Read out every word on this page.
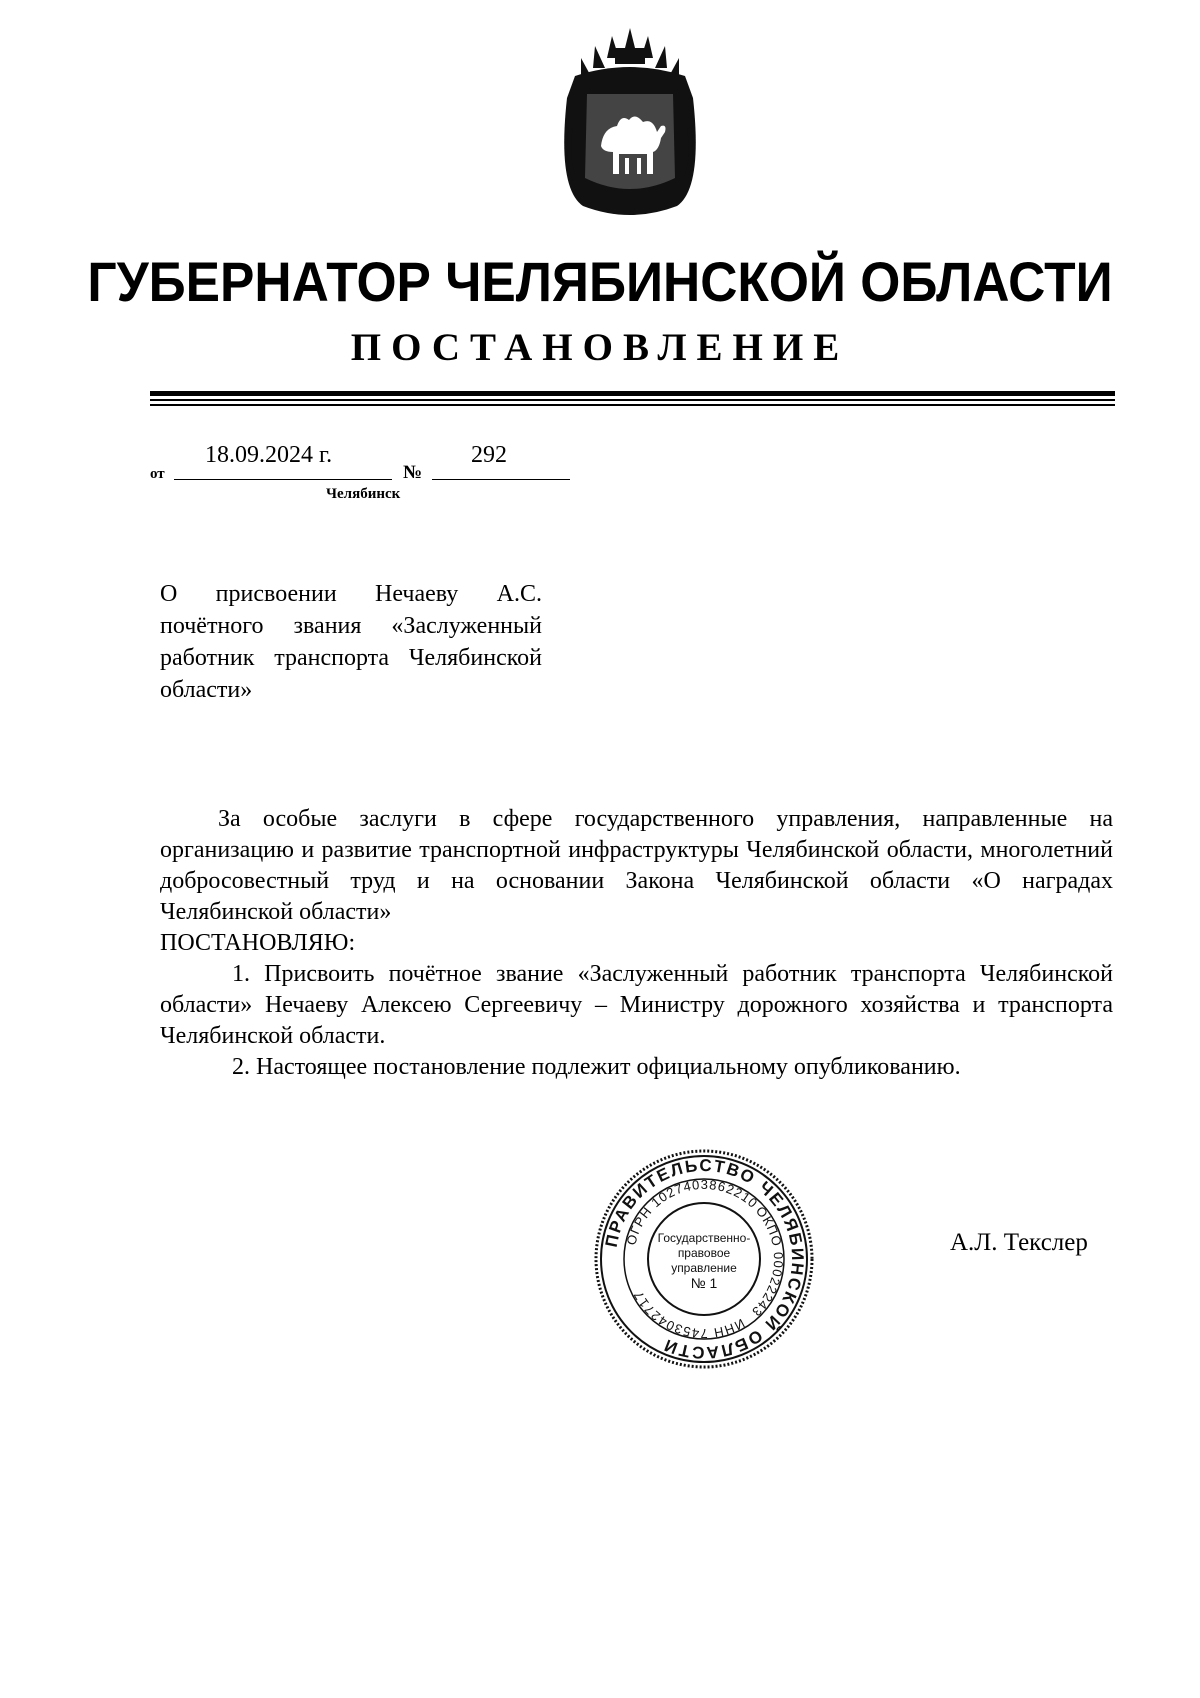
ГУБЕРНАТОР ЧЕЛЯБИНСКОЙ ОБЛАСТИ
ПОСТАНОВЛЕНИЕ
от
18.09.2024 г.
№
292
Челябинск
О присвоении Нечаеву А.С. почётного звания «Заслуженный работник транспорта Челябинской области»

За особые заслуги в сфере государственного управления, направленные на организацию и развитие транспортной инфраструктуры Челябинской области, многолетний добросовестный труд и на основании Закона Челябинской области «О наградах Челябинской области»

ПОСТАНОВЛЯЮ:

1. Присвоить почётное звание «Заслуженный работник транспорта Челябинской области» Нечаеву Алексею Сергеевичу – Министру дорожного хозяйства и транспорта Челябинской области.

2. Настоящее постановление подлежит официальному опубликованию.

ПРАВИТЕЛЬСТВО ЧЕЛЯБИНСКОЙ ОБЛАСТИ
ОГРН 1027403862210
ОКПО 00022243
ИНН 7453042717
Государственно-
правовое
управление
№ 1
А.Л. Текслер
